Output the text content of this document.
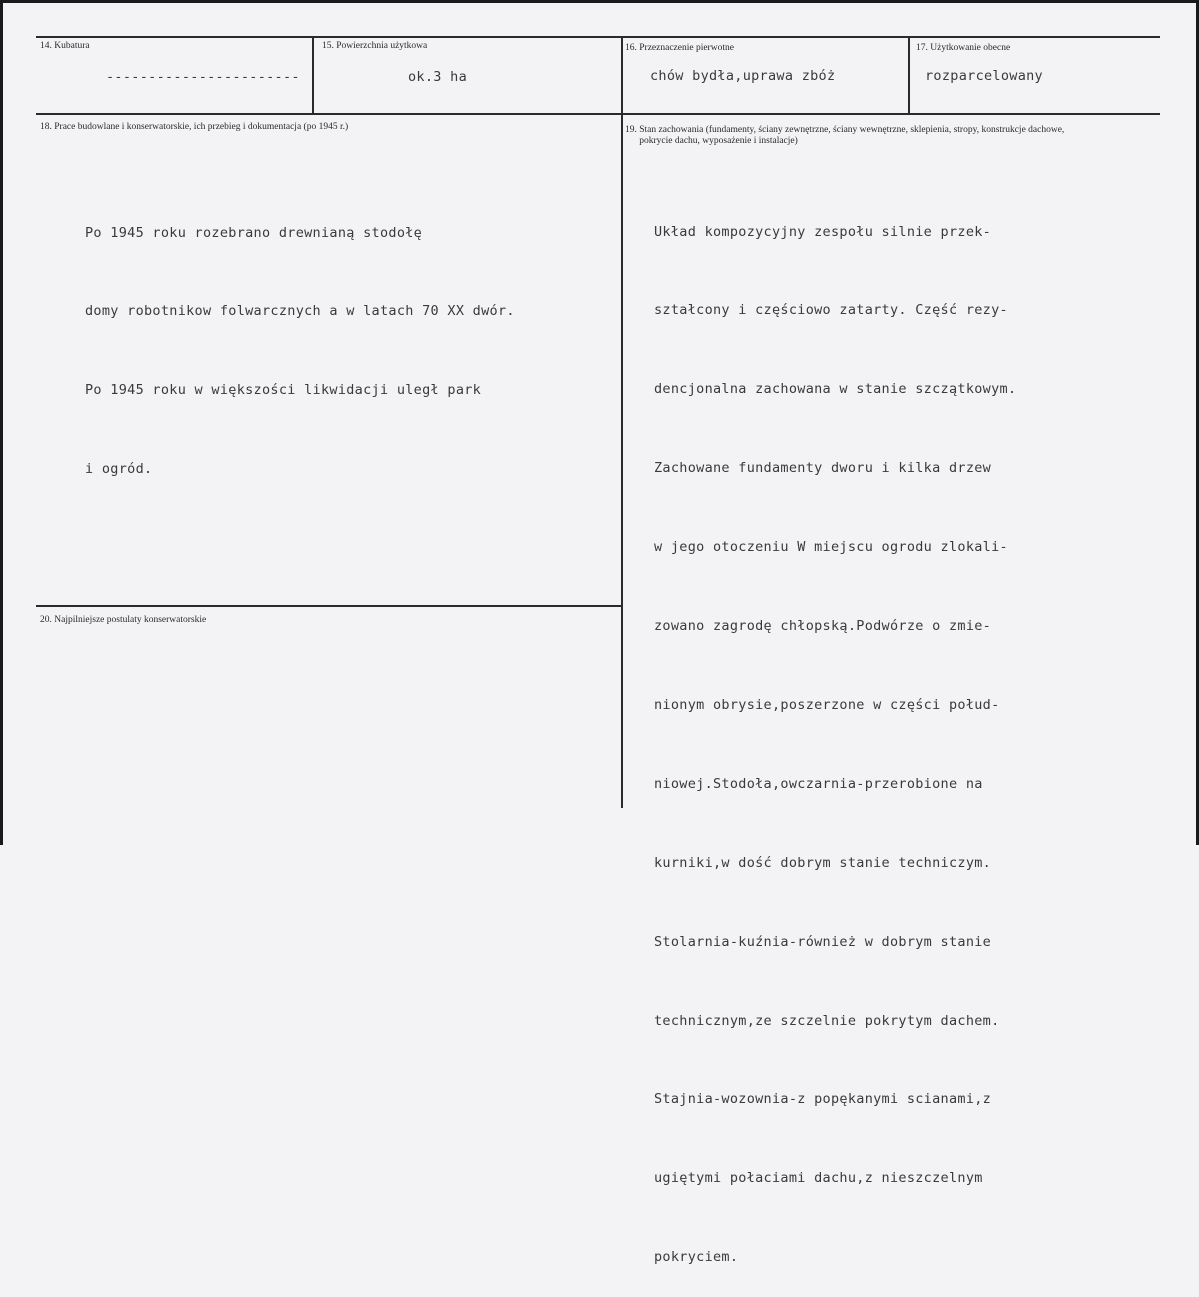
14. Kubatura
-----------------------
15. Powierzchnia użytkowa
ok.3 ha
16. Przeznaczenie pierwotne
chów bydła,uprawa zbóż
17. Użytkowanie obecne
rozparcelowany
18. Prace budowlane i konserwatorskie, ich przebieg i dokumentacja (po 1945 r.)

Po 1945 roku rozebrano drewnianą stodołę

domy robotnikow folwarcznych a w latach 70 XX dwór.

Po 1945 roku w większości likwidacji uległ park

i ogród.

19. Stan zachowania (fundamenty, ściany zewnętrzne, ściany wewnętrzne, sklepienia, stropy, konstrukcje dachowe,
pokrycie dachu, wyposażenie i instalacje)

Układ kompozycyjny zespołu silnie przek-

ształcony i częściowo zatarty. Część rezy-

dencjonalna zachowana w stanie szczątkowym.

Zachowane fundamenty dworu i kilka drzew

w jego otoczeniu W miejscu ogrodu zlokali-

zowano zagrodę chłopską.Podwórze o zmie-

nionym obrysie,poszerzone w części połud-

niowej.Stodoła,owczarnia-przerobione na

kurniki,w dość dobrym stanie techniczym.

Stolarnia-kuźnia-również w dobrym stanie

technicznym,ze szczelnie pokrytym dachem.

Stajnia-wozownia-z popękanymi scianami,z

ugiętymi połaciami dachu,z nieszczelnym

pokryciem.

20. Najpilniejsze postulaty konserwatorskie
